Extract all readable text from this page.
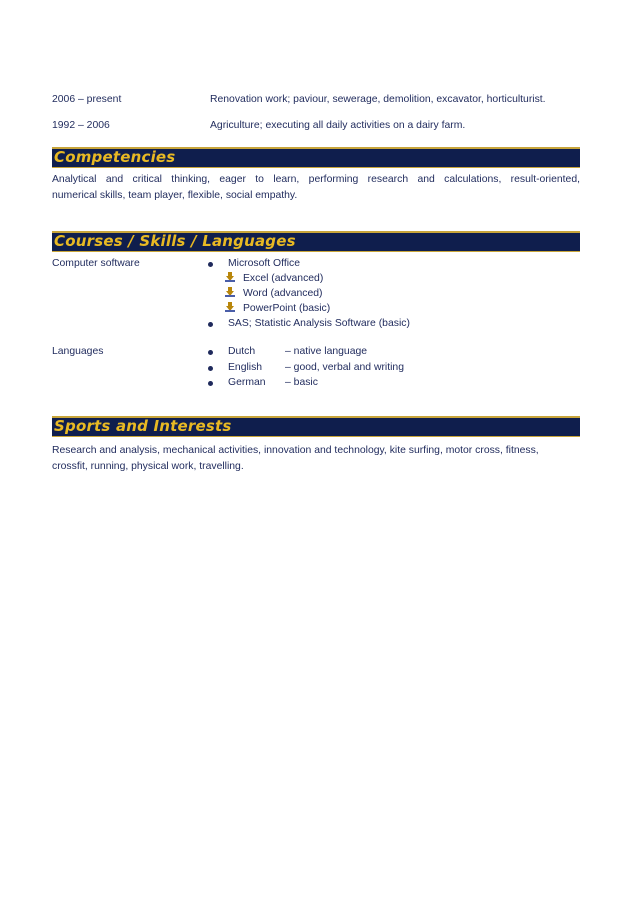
2006 – present	Renovation work; paviour, sewerage, demolition, excavator, horticulturist.
1992 – 2006	Agriculture; executing all daily activities on a dairy farm.
Competencies
Analytical and critical thinking, eager to learn, performing research and calculations, result-oriented,
numerical skills, team player, flexible, social empathy.
Courses / Skills / Languages
Computer software	Microsoft Office
Excel (advanced)
Word (advanced)
PowerPoint (basic)
SAS; Statistic Analysis Software (basic)
Languages	Dutch	– native language
English – good, verbal and writing
German – basic
Sports and Interests
Research and analysis, mechanical activities, innovation and technology, kite surfing, motor cross, fitness,
crossfit, running, physical work, travelling.
